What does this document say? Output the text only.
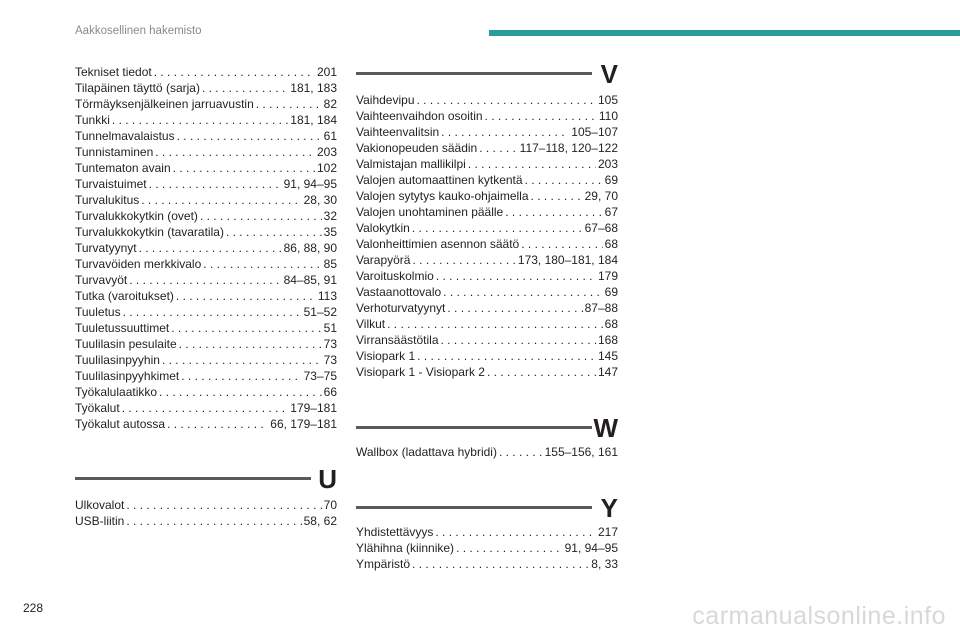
Aakkosellinen hakemisto
Tekniset tiedot . . .	201
Tilapäinen täyttö (sarja) . . .	181, 183
Törmäyksenjälkeinen jarruavustin . . .	82
Tunkki . . .	181, 184
Tunnelmavalaistus . . .	61
Tunnistaminen . . .	203
Tuntematon avain . . .	102
Turvaistuimet . . .	91, 94–95
Turvalukitus . . .	28, 30
Turvalukkokytkin (ovet) . . .	32
Turvalukkokytkin (tavaratila) . . .	35
Turvatyynyt . . .	86, 88, 90
Turvavöiden merkkivalo . . .	85
Turvavyöt . . .	84–85, 91
Tutka (varoitukset) . . .	113
Tuuletus . . .	51–52
Tuuletussuuttimet . . .	51
Tuulilasin pesulaite . . .	73
Tuulilasinpyyhin . . .	73
Tuulilasinpyyhkimet . . .	73–75
Työkalulaatikko . . .	66
Työkalut . . .	179–181
Työkalut autossa . . .	66, 179–181
U
Ulkovalot . . .	70
USB-liitin . . .	58, 62
V
Vaihdevipu . . .	105
Vaihteenvaihdon osoitin . . .	110
Vaihteenvalitsin . . .	105–107
Vakionopeuden säädin . . .	117–118, 120–122
Valmistajan mallikilpi . . .	203
Valojen automaattinen kytkentä . . .	69
Valojen sytytys kauko-ohjaimella . . .	29, 70
Valojen unohtaminen päälle . . .	67
Valokytkin . . .	67–68
Valonheittimien asennon säätö . . .	68
Varapyörä . . .	173, 180–181, 184
Varoituskolmio . . .	179
Vastaanottovalo . . .	69
Verhoturvatyynyt . . .	87–88
Vilkut . . .	68
Virransäästötila . . .	168
Visiopark 1 . . .	145
Visiopark 1 - Visiopark 2 . . .	147
W
Wallbox (ladattava hybridi) . . .	155–156, 161
Y
Yhdistettävyys . . .	217
Ylähihna (kiinnike) . . .	91, 94–95
Ympäristö . . .	8, 33
228	carmanualsonline.info
